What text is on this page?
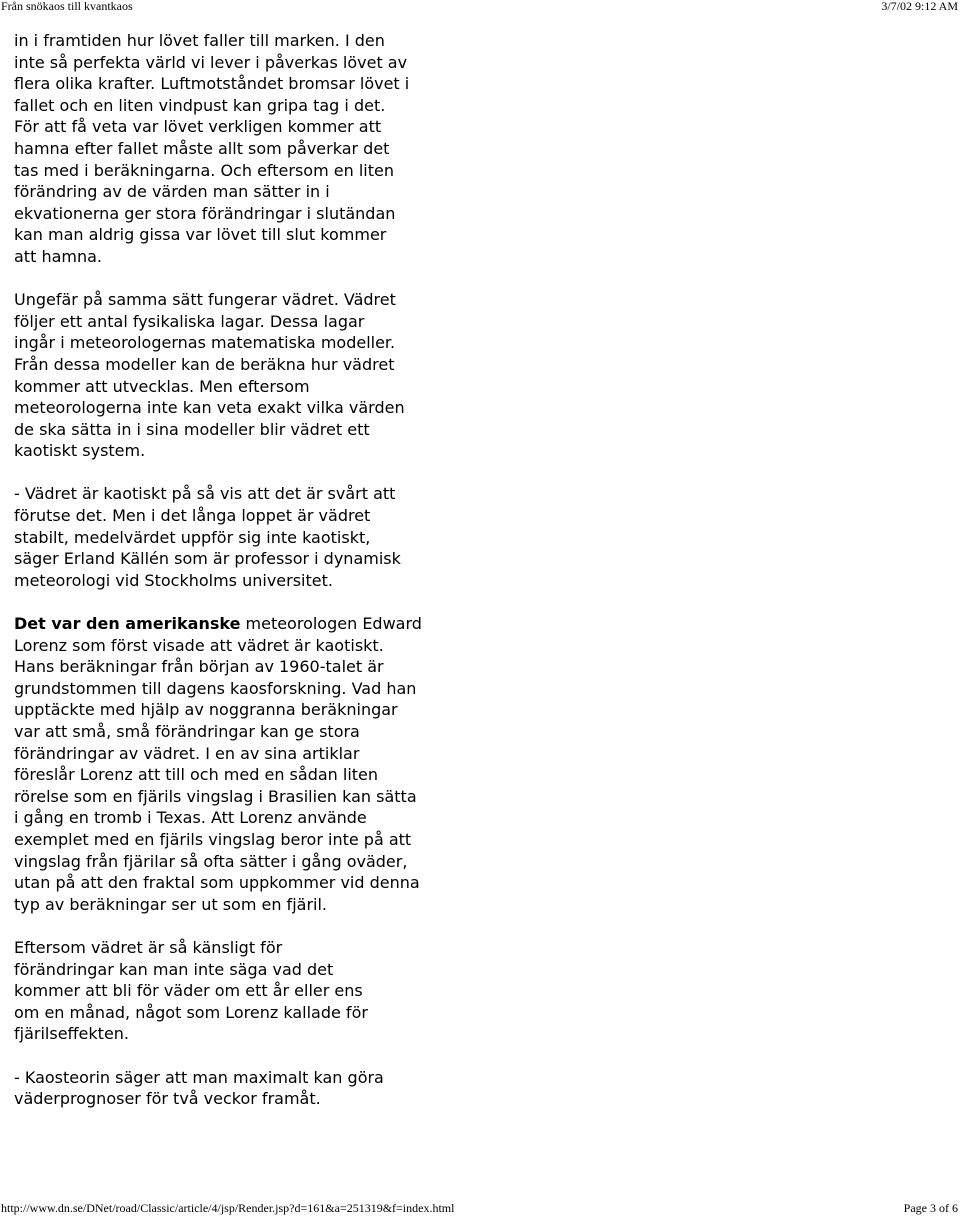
Från snökaos till kvantkaos	3/7/02 9:12 AM

in i framtiden hur lövet faller till marken. I den inte så perfekta värld vi lever i påverkas lövet av flera olika krafter. Luftmotståndet bromsar lövet i fallet och en liten vindpust kan gripa tag i det. För att få veta var lövet verkligen kommer att hamna efter fallet måste allt som påverkar det tas med i beräkningarna. Och eftersom en liten förändring av de värden man sätter in i ekvationerna ger stora förändringar i slutändan kan man aldrig gissa var lövet till slut kommer att hamna.

Ungefär på samma sätt fungerar vädret. Vädret följer ett antal fysikaliska lagar. Dessa lagar ingår i meteorologernas matematiska modeller. Från dessa modeller kan de beräkna hur vädret kommer att utvecklas. Men eftersom meteorologerna inte kan veta exakt vilka värden de ska sätta in i sina modeller blir vädret ett kaotiskt system.

- Vädret är kaotiskt på så vis att det är svårt att förutse det. Men i det långa loppet är vädret stabilt, medelvärdet uppför sig inte kaotiskt, säger Erland Källén som är professor i dynamisk meteorologi vid Stockholms universitet.

Det var den amerikanske meteorologen Edward Lorenz som först visade att vädret är kaotiskt. Hans beräkningar från början av 1960-talet är grundstommen till dagens kaosforskning. Vad han upptäckte med hjälp av noggranna beräkningar var att små, små förändringar kan ge stora förändringar av vädret. I en av sina artiklar föreslår Lorenz att till och med en sådan liten rörelse som en fjärils vingslag i Brasilien kan sätta i gång en tromb i Texas. Att Lorenz använde exemplet med en fjärils vingslag beror inte på att vingslag från fjärilar så ofta sätter i gång oväder, utan på att den fraktal som uppkommer vid denna typ av beräkningar ser ut som en fjäril.

Eftersom vädret är så känsligt för förändringar kan man inte säga vad det kommer att bli för väder om ett år eller ens om en månad, något som Lorenz kallade för fjärilseffekten.

- Kaosteorin säger att man maximalt kan göra väderprognoser för två veckor framåt.

http://www.dn.se/DNet/road/Classic/article/4/jsp/Render.jsp?d=161&a=251319&f=index.html	Page 3 of 6
